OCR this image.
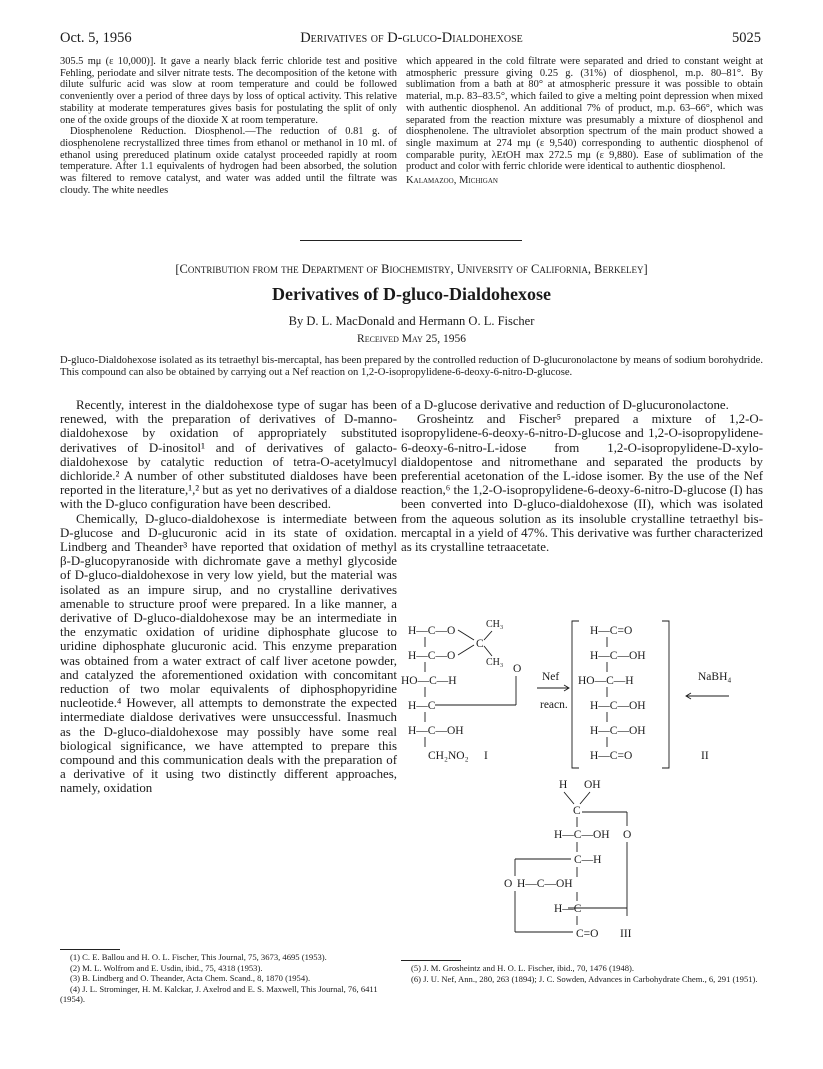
Oct. 5, 1956	Derivatives of D-gluco-Dialdohexose	5025

305.5 mμ (ε 10,000)]. It gave a nearly black ferric chloride test and positive Fehling, periodate and silver nitrate tests. The decomposition of the ketone with dilute sulfuric acid was slow at room temperature and could be followed conveniently over a period of three days by loss of optical activity. This relative stability at moderate temperatures gives basis for postulating the split of only one of the oxide groups of the dioxide X at room temperature.

Diosphenolene Reduction. Diosphenol.—The reduction of 0.81 g. of diosphenolene recrystallized three times from ethanol or methanol in 10 ml. of ethanol using prereduced platinum oxide catalyst proceeded rapidly at room temperature. After 1.1 equivalents of hydrogen had been absorbed, the solution was filtered to remove catalyst, and water was added until the filtrate was cloudy. The white needles

which appeared in the cold filtrate were separated and dried to constant weight at atmospheric pressure giving 0.25 g. (31%) of diosphenol, m.p. 80–81°. By sublimation from a bath at 80° at atmospheric pressure it was possible to obtain material, m.p. 83–83.5°, which failed to give a melting point depression when mixed with authentic diosphenol. An additional 7% of product, m.p. 63–66°, which was separated from the reaction mixture was presumably a mixture of diosphenol and diosphenolene. The ultraviolet absorption spectrum of the main product showed a single maximum at 274 mμ (ε 9,540) corresponding to authentic diosphenol of comparable purity, λEtOH max 272.5 mμ (ε 9,880). Ease of sublimation of the product and color with ferric chloride were identical to authentic diosphenol.

Kalamazoo, Michigan

[Contribution from the Department of Biochemistry, University of California, Berkeley]
Derivatives of D-gluco-Dialdohexose
By D. L. MacDonald and Hermann O. L. Fischer
Received May 25, 1956
D-gluco-Dialdohexose isolated as its tetraethyl bis-mercaptal, has been prepared by the controlled reduction of D-glucuronolactone by means of sodium borohydride. This compound can also be obtained by carrying out a Nef reaction on 1,2-O-isopropylidene-6-deoxy-6-nitro-D-glucose.

Recently, interest in the dialdohexose type of sugar has been renewed, with the preparation of derivatives of D-manno-dialdohexose by oxidation of appropriately substituted derivatives of D-inositol¹ and of derivatives of galacto-dialdohexose by catalytic reduction of tetra-O-acetylmucyl dichloride.² A number of other substituted dialdoses have been reported in the literature,¹,² but as yet no derivatives of a dialdose with the D-gluco configuration have been described.

Chemically, D-gluco-dialdohexose is intermediate between D-glucose and D-glucuronic acid in its state of oxidation. Lindberg and Theander³ have reported that oxidation of methyl β-D-glucopyranoside with dichromate gave a methyl glycoside of D-gluco-dialdohexose in very low yield, but the material was isolated as an impure sirup, and no crystalline derivatives amenable to structure proof were prepared. In a like manner, a derivative of D-gluco-dialdohexose may be an intermediate in the enzymatic oxidation of uridine diphosphate glucose to uridine diphosphate glucuronic acid. This enzyme preparation was obtained from a water extract of calf liver acetone powder, and catalyzed the aforementioned oxidation with concomitant reduction of two molar equivalents of diphosphopyridine nucleotide.⁴ However, all attempts to demonstrate the expected intermediate dialdose derivatives were unsuccessful. Inasmuch as the D-gluco-dialdohexose may possibly have some real biological significance, we have attempted to prepare this compound and this communication deals with the preparation of a derivative of it using two distinctly different approaches, namely, oxidation

of a D-glucose derivative and reduction of D-glucuronolactone.

Grosheintz and Fischer⁵ prepared a mixture of 1,2-O-isopropylidene-6-deoxy-6-nitro-D-glucose and 1,2-O-isopropylidene-6-deoxy-6-nitro-L-idose from 1,2-O-isopropylidene-D-xylo-dialdopentose and nitromethane and separated the products by preferential acetonation of the L-idose isomer. By the use of the Nef reaction,⁶ the 1,2-O-isopropylidene-6-deoxy-6-nitro-D-glucose (I) has been converted into D-gluco-dialdohexose (II), which was isolated from the aqueous solution as its insoluble crystalline tetraethyl bis-mercaptal in a yield of 47%. This derivative was further characterized as its crystalline tetraacetate.

H—C—O
H—C—O
HO—C—H
H—C
H—C—OH
CH₂NO₂
CH₃
C
CH₃
O
I
Nef
reacn.
H—C=O
H—C—OH
HO—C—H
H—C—OH
H—C—OH
H—C=O	II
NaBH₄
H OH
C
H—C—OH O
C—H
O H—C—OH
H—C
C=O III
(1) C. E. Ballou and H. O. L. Fischer, This Journal, 75, 3673, 4695 (1953).
(2) M. L. Wolfrom and E. Usdin, ibid., 75, 4318 (1953).
(3) B. Lindberg and O. Theander, Acta Chem. Scand., 8, 1870 (1954).
(4) J. L. Strominger, H. M. Kalckar, J. Axelrod and E. S. Maxwell, This Journal, 76, 6411 (1954).
(5) J. M. Grosheintz and H. O. L. Fischer, ibid., 70, 1476 (1948).
(6) J. U. Nef, Ann., 280, 263 (1894); J. C. Sowden, Advances in Carbohydrate Chem., 6, 291 (1951).
